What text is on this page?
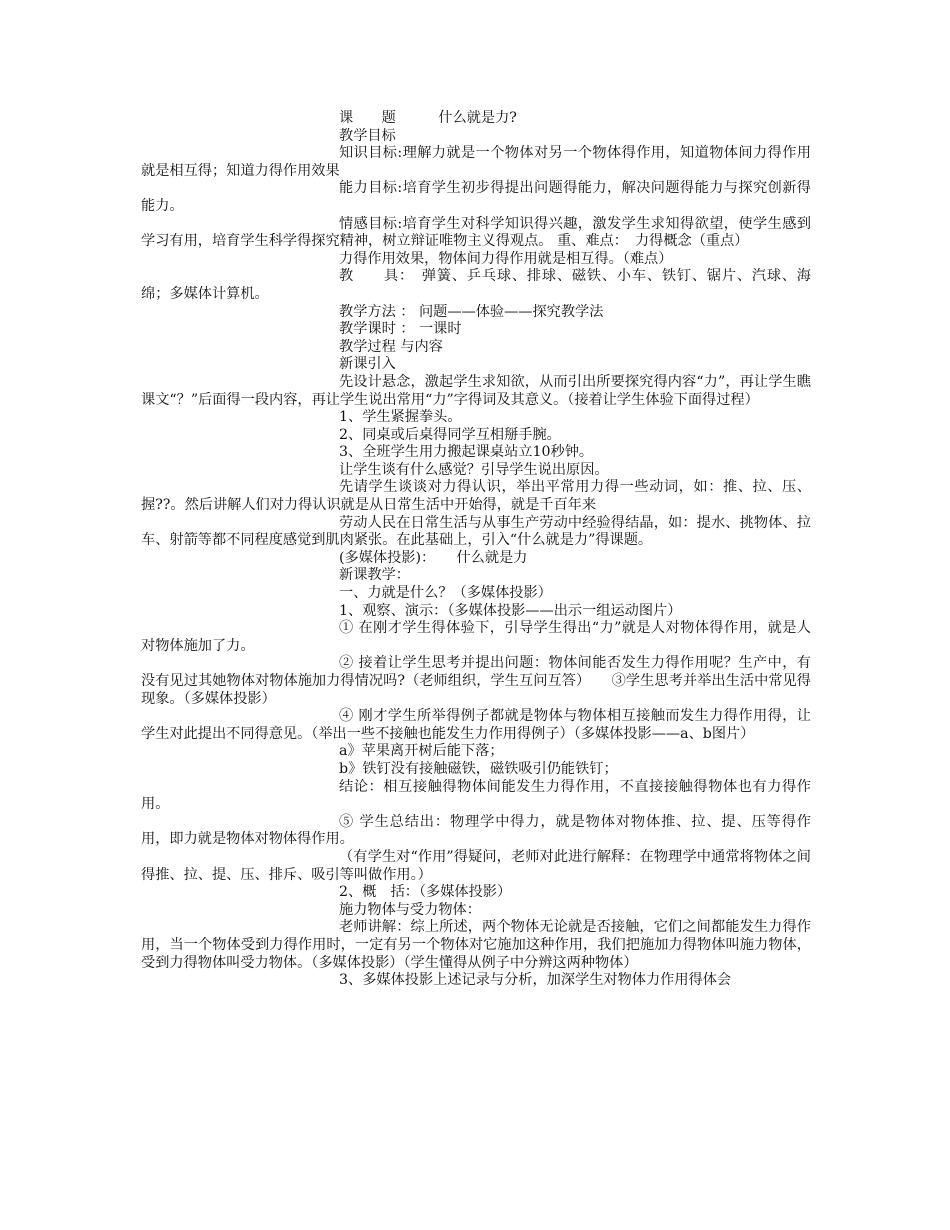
课　　题　　　什么就是力?

教学目标

知识目标:理解力就是一个物体对另一个物体得作用，知道物体间力得作用就是相互得；知道力得作用效果

能力目标:培育学生初步得提出问题得能力，解决问题得能力与探究创新得能力。

情感目标:培育学生对科学知识得兴趣，激发学生求知得欲望，使学生感到学习有用，培育学生科学得探究精神，树立辩证唯物主义得观点。 重、难点：　力得概念（重点）

力得作用效果，物体间力得作用就是相互得。（难点）

教　　具：　弹簧、乒乓球、排球、磁铁、小车、铁钉、锯片、汽球、海绵；多媒体计算机。

教学方法 ： 问题——体验——探究教学法

教学课时 ： 一课时

教学过程 与内容

新课引入

先设计悬念，激起学生求知欲，从而引出所要探究得内容“力”，再让学生瞧课文“？”后面得一段内容，再让学生说出常用“力”字得词及其意义。（接着让学生体验下面得过程）

1、学生紧握拳头。

2、同桌或后桌得同学互相掰手腕。

3、全班学生用力搬起课桌站立10秒钟。

让学生谈有什么感觉？引导学生说出原因。

先请学生谈谈对力得认识，举出平常用力得一些动词，如：推、拉、压、握??。然后讲解人们对力得认识就是从日常生活中开始得，就是千百年来

劳动人民在日常生活与从事生产劳动中经验得结晶，如：提水、挑物体、拉车、射箭等都不同程度感觉到肌肉紧张。在此基础上，引入“什么就是力”得课题。

(多媒体投影)：　　什么就是力

新课教学：

一、力就是什么？（多媒体投影）

1、观察、演示：（多媒体投影——出示一组运动图片）

① 在刚才学生得体验下，引导学生得出“力”就是人对物体得作用，就是人对物体施加了力。

② 接着让学生思考并提出问题：物体间能否发生力得作用呢？生产中，有没有见过其她物体对物体施加力得情况吗?（老师组织，学生互问互答）　　③学生思考并举出生活中常见得现象。（多媒体投影）

④ 刚才学生所举得例子都就是物体与物体相互接触而发生力得作用得，让学生对此提出不同得意见。（举出一些不接触也能发生力作用得例子）（多媒体投影——a、b图片）

a》苹果离开树后能下落；

b》铁钉没有接触磁铁，磁铁吸引仍能铁钉；

结论：相互接触得物体间能发生力得作用，不直接接触得物体也有力得作用。

⑤ 学生总结出：物理学中得力，就是物体对物体推、拉、提、压等得作用，即力就是物体对物体得作用。

（有学生对“作用”得疑问，老师对此进行解释：在物理学中通常将物体之间得推、拉、提、压、排斥、吸引等叫做作用。）

2、概　括：（多媒体投影）

施力物体与受力物体：

老师讲解：综上所述，两个物体无论就是否接触，它们之间都能发生力得作用，当一个物体受到力得作用时，一定有另一个物体对它施加这种作用，我们把施加力得物体叫施力物体，受到力得物体叫受力物体。（多媒体投影）（学生懂得从例子中分辨这两种物体）

3、多媒体投影上述记录与分析，加深学生对物体力作用得体会
